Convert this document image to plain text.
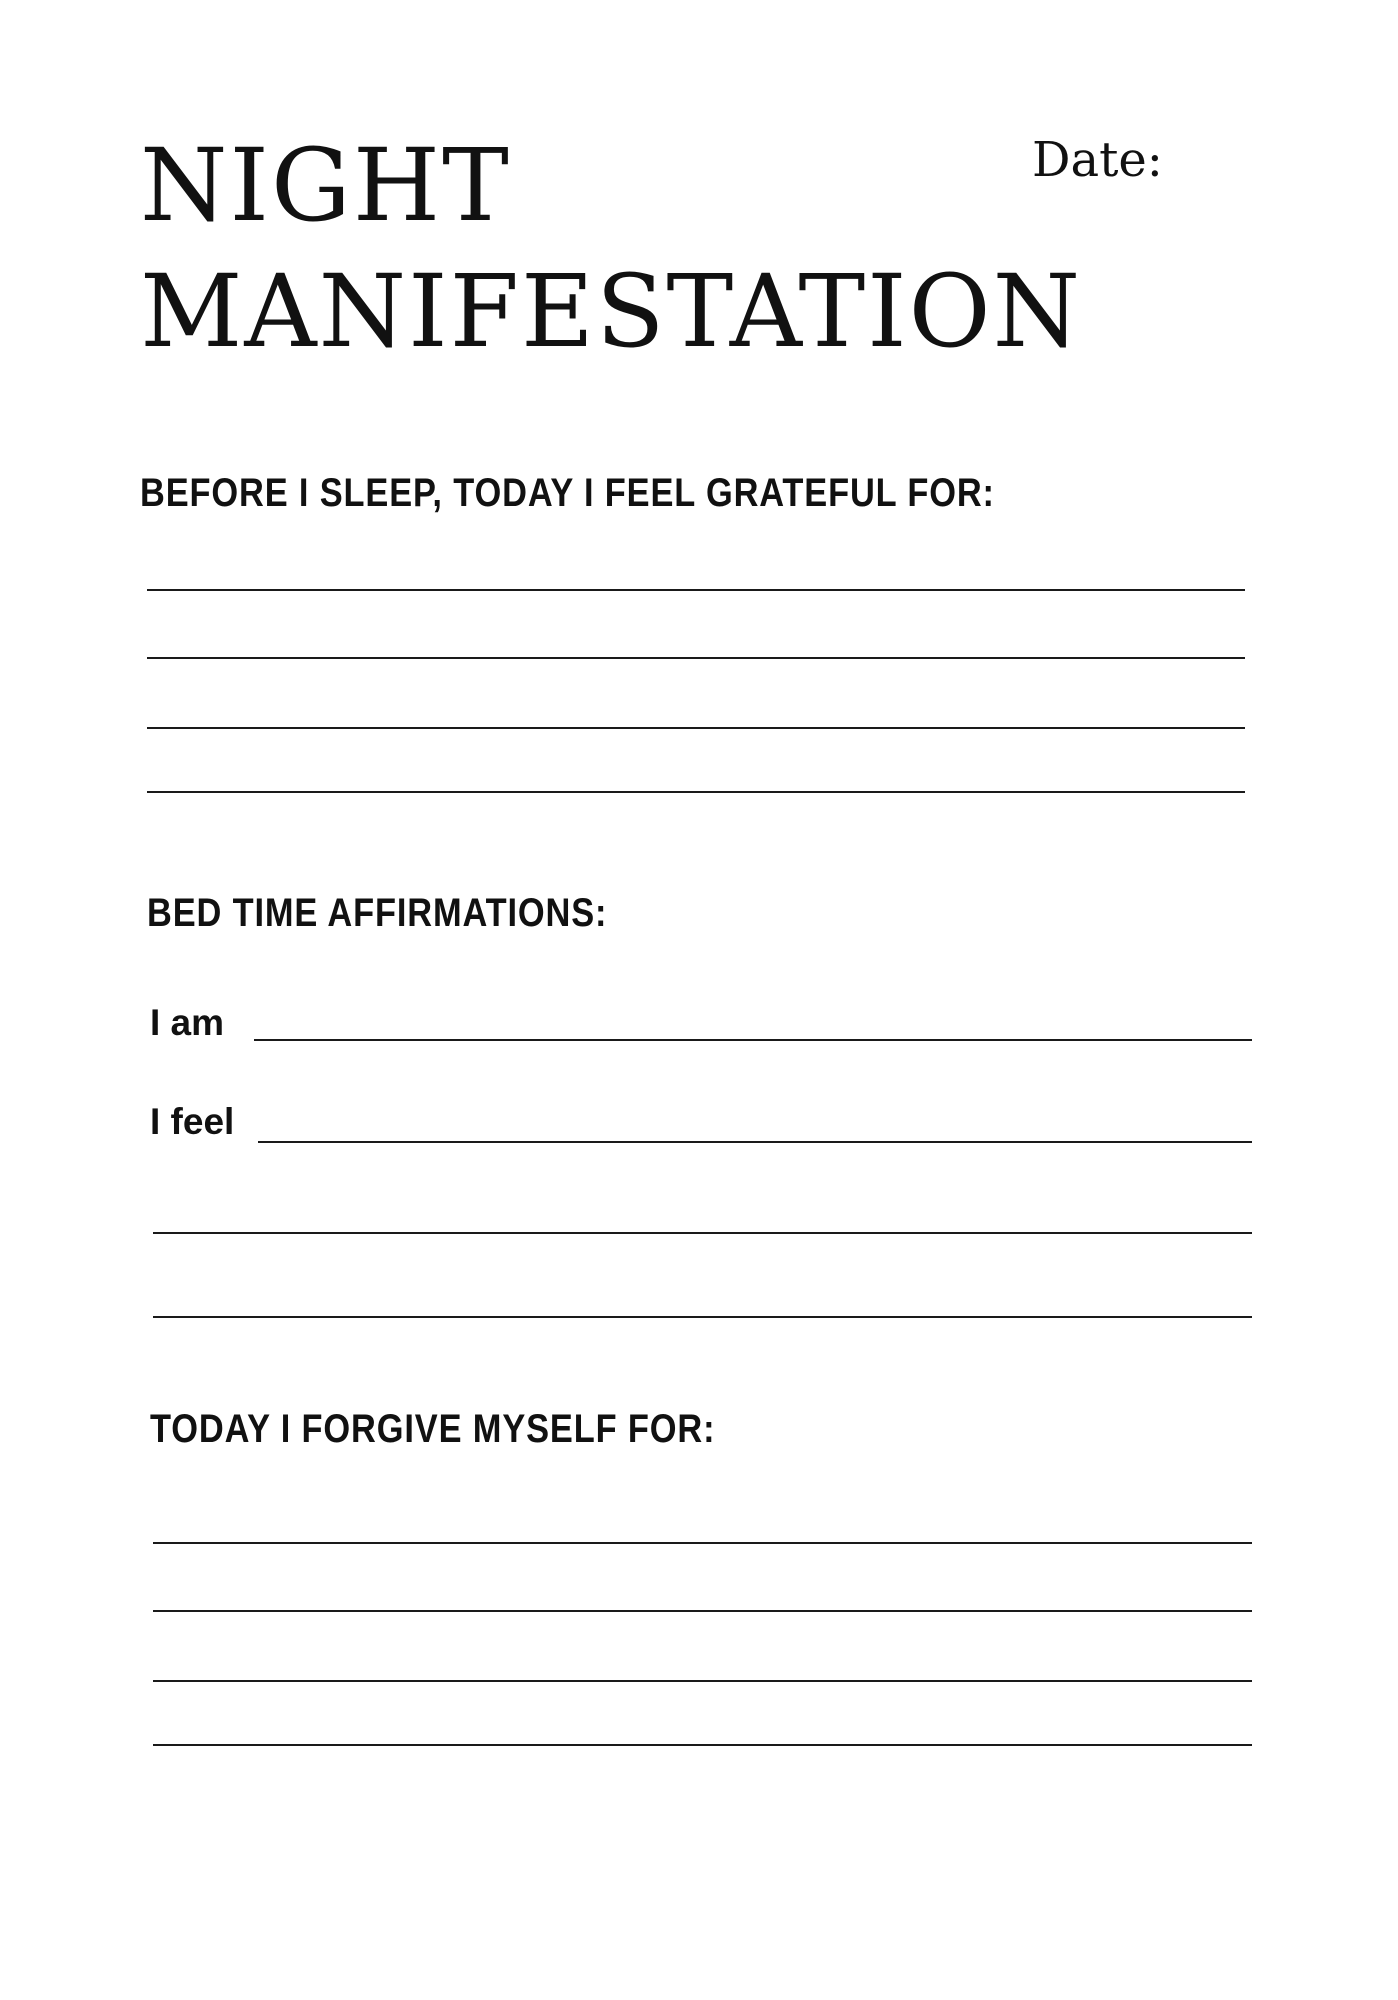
NIGHT
MANIFESTATION
Date:
BEFORE I SLEEP, TODAY I FEEL GRATEFUL FOR:
BED TIME AFFIRMATIONS:
I am
I feel
TODAY I FORGIVE MYSELF FOR:
